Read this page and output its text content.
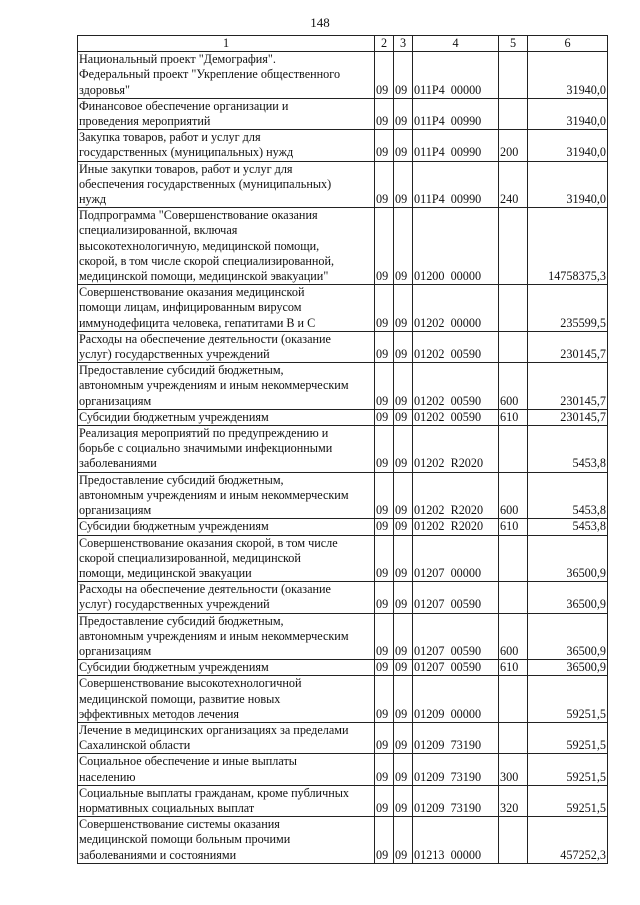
148
1	2	3	4	5	6
Национальный проект "Демография".
Федеральный проект "Укрепление общественного
здоровья"	09	09	011P4  00000		31940,0
Финансовое обеспечение организации и
проведения мероприятий	09	09	011P4  00990		31940,0
Закупка товаров, работ и услуг для
государственных (муниципальных) нужд	09	09	011P4  00990	200	31940,0
Иные закупки товаров, работ и услуг для
обеспечения государственных (муниципальных)
нужд	09	09	011P4  00990	240	31940,0
Подпрограмма "Совершенствование оказания
специализированной, включая
высокотехнологичную, медицинской помощи,
скорой, в том числе скорой специализированной,
медицинской помощи, медицинской эвакуации"	09	09	01200  00000		14758375,3
Совершенствование оказания медицинской
помощи лицам, инфицированным вирусом
иммунодефицита человека, гепатитами В и С	09	09	01202  00000		235599,5
Расходы на обеспечение деятельности (оказание
услуг) государственных учреждений	09	09	01202  00590		230145,7
Предоставление субсидий бюджетным,
автономным учреждениям и иным некоммерческим
организациям	09	09	01202  00590	600	230145,7
Субсидии бюджетным учреждениям	09	09	01202  00590	610	230145,7
Реализация мероприятий по предупреждению и
борьбе с социально значимыми инфекционными
заболеваниями	09	09	01202  R2020		5453,8
Предоставление субсидий бюджетным,
автономным учреждениям и иным некоммерческим
организациям	09	09	01202  R2020	600	5453,8
Субсидии бюджетным учреждениям	09	09	01202  R2020	610	5453,8
Совершенствование оказания скорой, в том числе
скорой специализированной, медицинской
помощи, медицинской эвакуации	09	09	01207  00000		36500,9
Расходы на обеспечение деятельности (оказание
услуг) государственных учреждений	09	09	01207  00590		36500,9
Предоставление субсидий бюджетным,
автономным учреждениям и иным некоммерческим
организациям	09	09	01207  00590	600	36500,9
Субсидии бюджетным учреждениям	09	09	01207  00590	610	36500,9
Совершенствование высокотехнологичной
медицинской помощи, развитие новых
эффективных методов лечения	09	09	01209  00000		59251,5
Лечение в медицинских организациях за пределами
Сахалинской области	09	09	01209  73190		59251,5
Социальное обеспечение и иные выплаты
населению	09	09	01209  73190	300	59251,5
Социальные выплаты гражданам, кроме публичных
нормативных социальных выплат	09	09	01209  73190	320	59251,5
Совершенствование системы оказания
медицинской помощи больным прочими
заболеваниями и состояниями	09	09	01213  00000		457252,3
